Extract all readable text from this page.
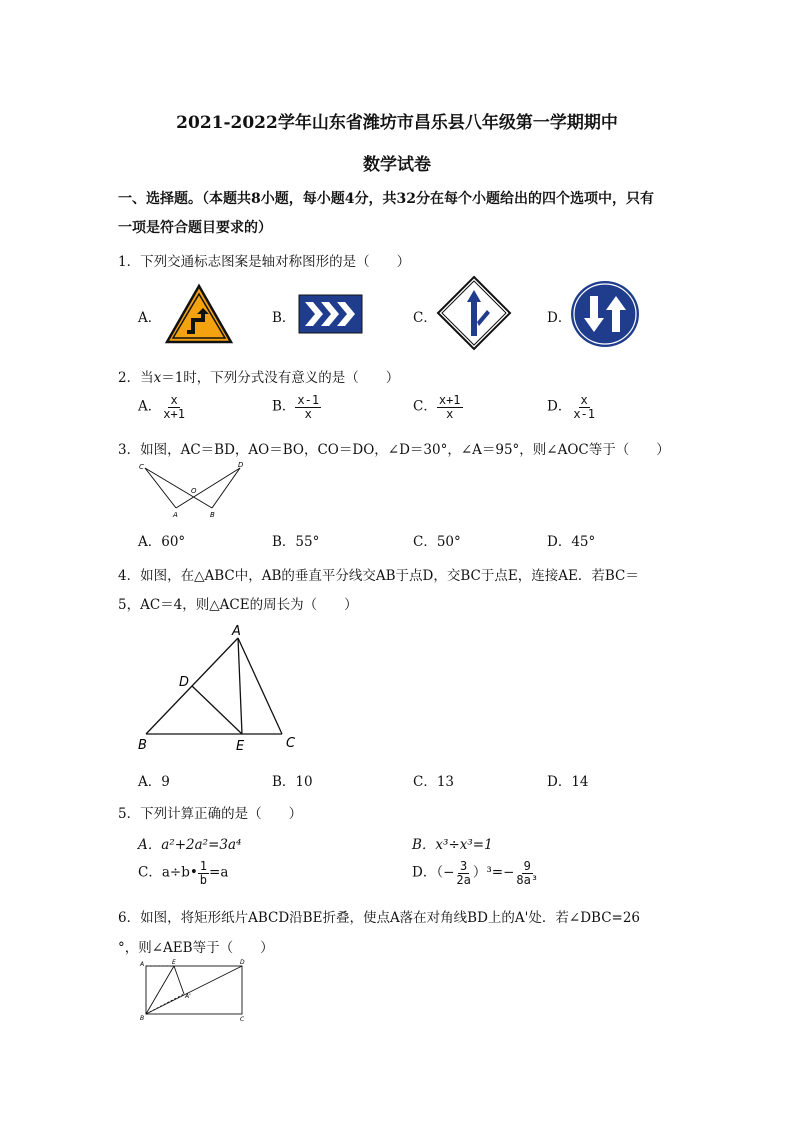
2021-2022学年山东省潍坊市昌乐县八年级第一学期期中
数学试卷
一、选择题。（本题共8小题，每小题4分，共32分在每个小题给出的四个选项中，只有
一项是符合题目要求的）
1．下列交通标志图案是轴对称图形的是（　　）
A．	B．	C．	D．
2．当x＝1时，下列分式没有意义的是（　　）
A． $\frac{x}{x+1}$	B． $\frac{x-1}{x}$	C． $\frac{x+1}{x}$	D． $\frac{x}{x-1}$
3．如图，AC＝BD，AO＝BO，CO＝DO，∠D＝30°，∠A＝95°，则∠AOC等于（　　）
C	D
O
A	B
A．60°	B．55°	C．50°	D．45°
4．如图，在△ABC中，AB的垂直平分线交AB于点D，交BC于点E，连接AE．若BC＝
5，AC＝4，则△ACE的周长为（　　）
A
D
B	E	C
A．9	B．10	C．13	D．14
5．下列计算正确的是（　　）
A．a²+2a²=3a⁴	B．x³÷x³=1
C．a÷b• $\frac{1}{b} =a$	D．（− $\frac{3}{2a} )^3=- \frac{9}{\text{8a³}}$
6．如图，将矩形纸片ABCD沿BE折叠，使点A落在对角线BD上的A'处．若∠DBC=26
°，则∠AEB等于（　　）
A	E	D
A'
B	C
